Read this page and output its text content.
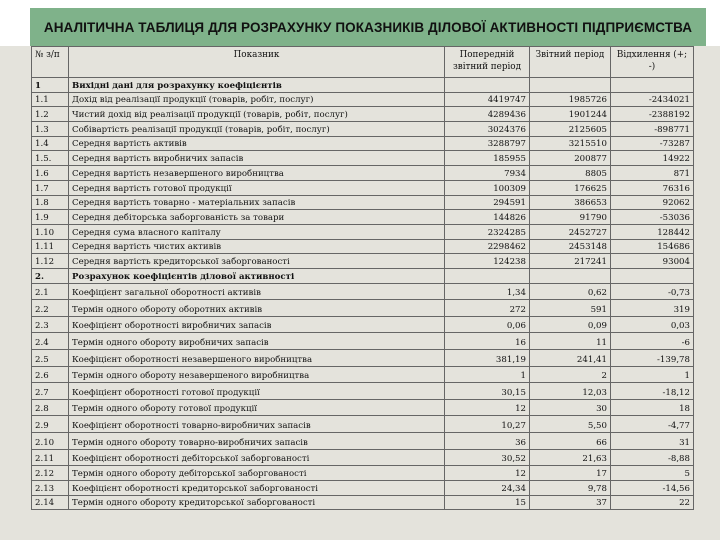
АНАЛІТИЧНА ТАБЛИЦЯ ДЛЯ РОЗРАХУНКУ ПОКАЗНИКІВ ДІЛОВОЇ АКТИВНОСТІ ПІДПРИЄМСТВА
№ з/п	Показник	Попередній звітний період	Звітний період	Відхилення (+; -)
1	Вихідні дані для розрахунку коефіцієнтів			
1.1	Дохід від реалізації продукції (товарів, робіт, послуг)	4419747	1985726	-2434021
1.2	Чистий дохід від реалізації продукції (товарів, робіт, послуг)	4289436	1901244	-2388192
1.3	Собівартість реалізації продукції (товарів, робіт, послуг)	3024376	2125605	-898771
1.4	Середня вартість активів	3288797	3215510	-73287
1.5.	Середня вартість виробничих запасів	185955	200877	14922
1.6	Середня вартість незавершеного виробництва	7934	8805	871
1.7	Середня вартість готової продукції	100309	176625	76316
1.8	Середня вартість товарно - матеріальних запасів	294591	386653	92062
1.9	Середня дебіторська заборгованість за товари	144826	91790	-53036
1.10	Середня сума власного капіталу	2324285	2452727	128442
1.11	Середня вартість чистих активів	2298462	2453148	154686
1.12	Середня вартість кредиторської заборгованості	124238	217241	93004
2.	Розрахунок коефіцієнтів ділової активності			
2.1	Коефіцієнт загальної оборотності активів	1,34	0,62	-0,73
2.2	Термін одного обороту оборотних активів	272	591	319
2.3	Коефіцієнт оборотності виробничих запасів	0,06	0,09	0,03
2.4	Термін одного обороту виробничих запасів	16	11	-6
2.5	Коефіцієнт оборотності незавершеного виробництва	381,19	241,41	-139,78
2.6	Термін одного обороту незавершеного виробництва	1	2	1
2.7	Коефіцієнт оборотності готової продукції	30,15	12,03	-18,12
2.8	Термін одного обороту готової продукції	12	30	18
2.9	Коефіцієнт оборотності товарно-виробничих запасів	10,27	5,50	-4,77
2.10	Термін одного обороту товарно-виробничих запасів	36	66	31
2.11	Коефіцієнт оборотності дебіторської заборгованості	30,52	21,63	-8,88
2.12	Термін одного обороту дебіторської заборгованості	12	17	5
2.13	Коефіцієнт оборотності кредиторської заборгованості	24,34	9,78	-14,56
2.14	Термін одного обороту кредиторської заборгованості	15	37	22
